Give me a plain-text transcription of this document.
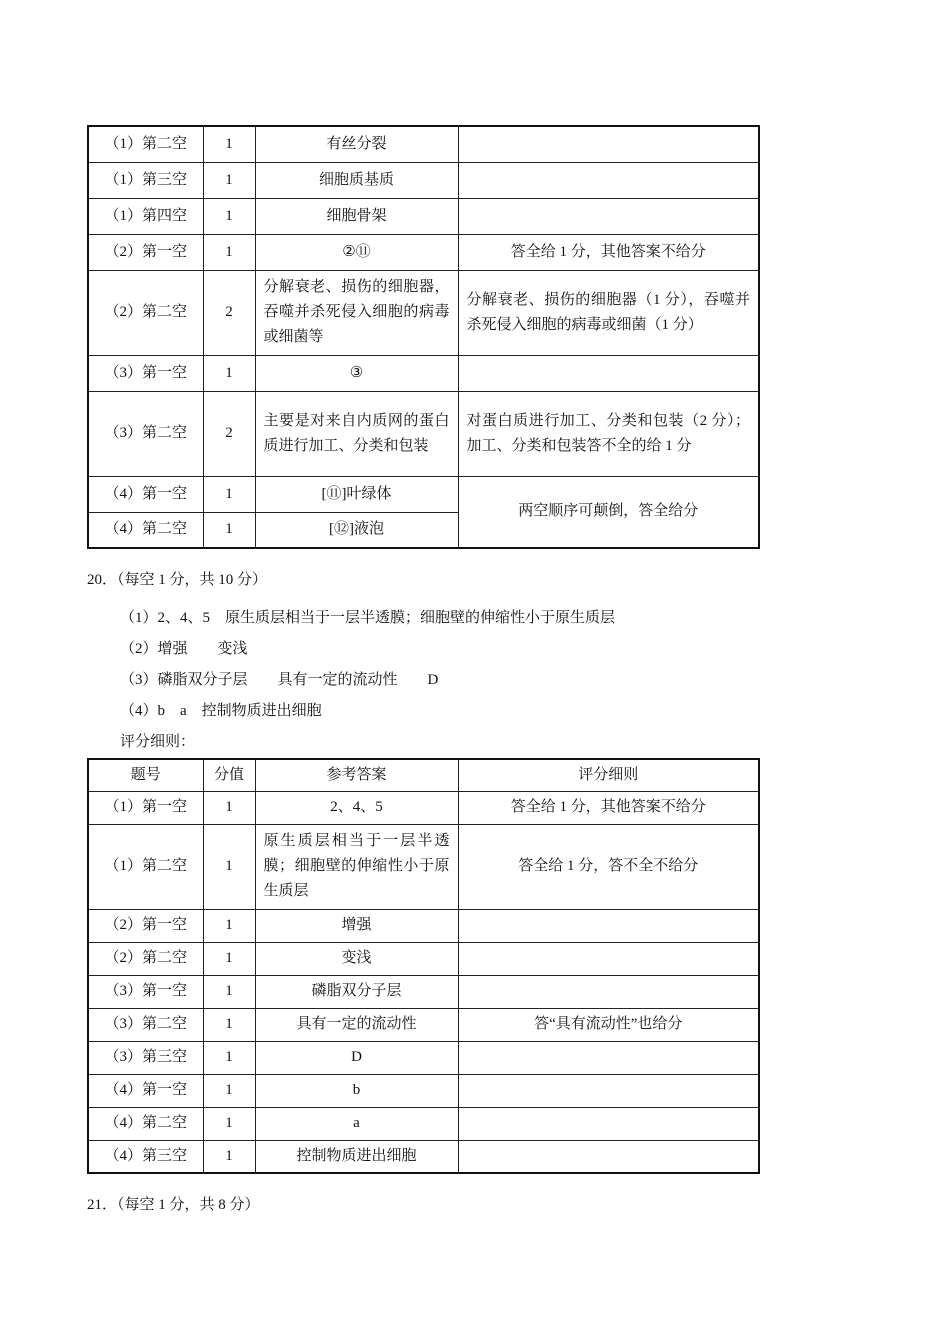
（1）第二空	1	有丝分裂	
（1）第三空	1	细胞质基质	
（1）第四空	1	细胞骨架	
（2）第一空	1	②⑪	答全给 1 分，其他答案不给分
（2）第二空	2	分解衰老、损伤的细胞器，吞噬并杀死侵入细胞的病毒或细菌等	分解衰老、损伤的细胞器（1 分），吞噬并杀死侵入细胞的病毒或细菌（1 分）
（3）第一空	1	③	
（3）第二空	2	主要是对来自内质网的蛋白质进行加工、分类和包装	对蛋白质进行加工、分类和包装（2 分）；加工、分类和包装答不全的给 1 分
（4）第一空	1	[⑪]叶绿体	两空顺序可颠倒，答全给分
（4）第二空	1	[⑫]液泡	
20．（每空 1 分，共 10 分）
（1）2、4、5　原生质层相当于一层半透膜；细胞壁的伸缩性小于原生质层
（2）增强　　变浅
（3）磷脂双分子层　　具有一定的流动性　　D
（4）b　a　控制物质进出细胞
评分细则：
题号	分值	参考答案	评分细则
（1）第一空	1	2、4、5	答全给 1 分，其他答案不给分
（1）第二空	1	原生质层相当于一层半透膜；细胞壁的伸缩性小于原生质层	答全给 1 分，答不全不给分
（2）第一空	1	增强	
（2）第二空	1	变浅	
（3）第一空	1	磷脂双分子层	
（3）第二空	1	具有一定的流动性	答“具有流动性”也给分
（3）第三空	1	D	
（4）第一空	1	b	
（4）第二空	1	a	
（4）第三空	1	控制物质进出细胞	
21．（每空 1 分，共 8 分）
